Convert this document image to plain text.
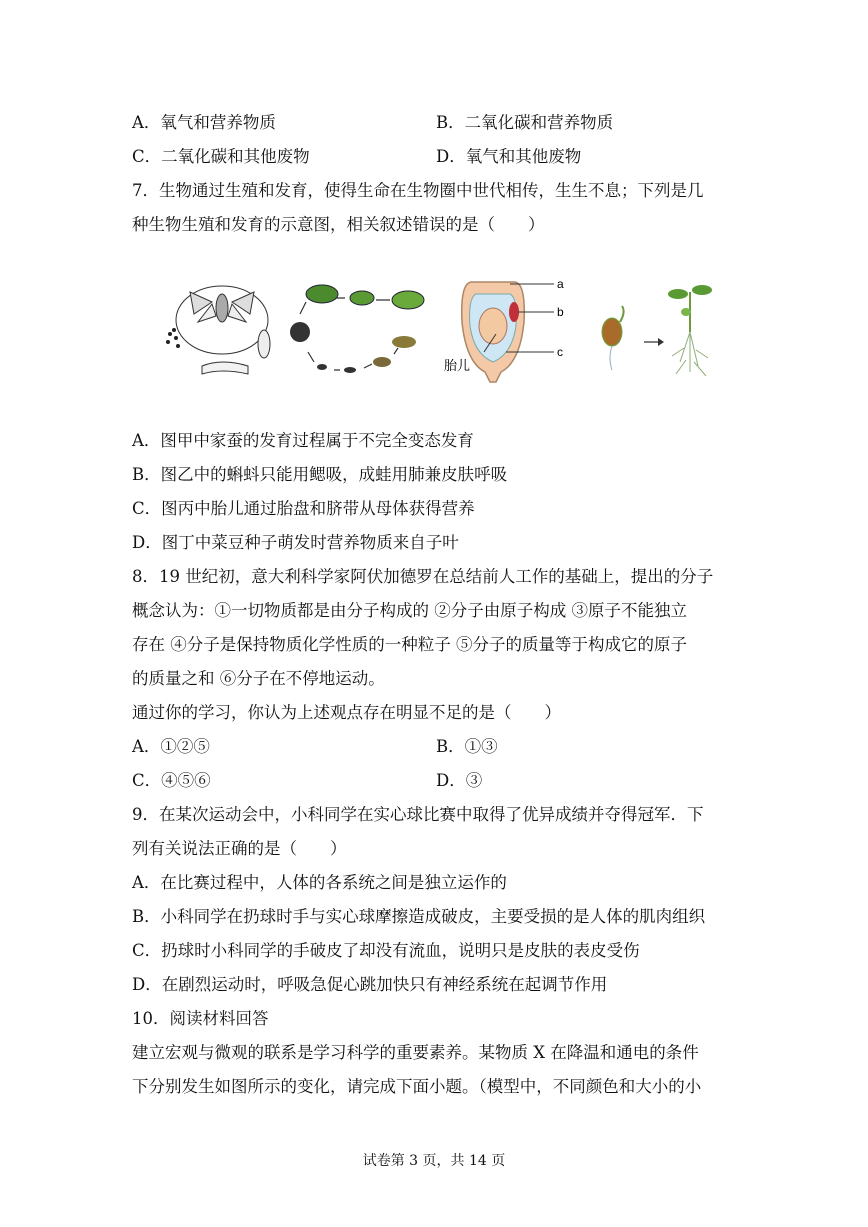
A．氧气和营养物质	B．二氧化碳和营养物质
C．二氧化碳和其他废物	D．氧气和其他废物
7．生物通过生殖和发育，使得生命在生物圈中世代相传，生生不息；下列是几
种生物生殖和发育的示意图，相关叙述错误的是（　　）
a
b
c
胎儿
A．图甲中家蚕的发育过程属于不完全变态发育
B．图乙中的蝌蚪只能用鳃吸，成蛙用肺兼皮肤呼吸
C．图丙中胎儿通过胎盘和脐带从母体获得营养
D．图丁中菜豆种子萌发时营养物质来自子叶
8．19 世纪初，意大利科学家阿伏加德罗在总结前人工作的基础上，提出的分子
概念认为：①一切物质都是由分子构成的 ②分子由原子构成 ③原子不能独立
存在 ④分子是保持物质化学性质的一种粒子 ⑤分子的质量等于构成它的原子
的质量之和 ⑥分子在不停地运动。
通过你的学习，你认为上述观点存在明显不足的是（　　）
A．①②⑤	B．①③
C．④⑤⑥	D．③
9．在某次运动会中，小科同学在实心球比赛中取得了优异成绩并夺得冠军．下
列有关说法正确的是（　　）
A．在比赛过程中，人体的各系统之间是独立运作的
B．小科同学在扔球时手与实心球摩擦造成破皮，主要受损的是人体的肌肉组织
C．扔球时小科同学的手破皮了却没有流血，说明只是皮肤的表皮受伤
D．在剧烈运动时，呼吸急促心跳加快只有神经系统在起调节作用
10．阅读材料回答
建立宏观与微观的联系是学习科学的重要素养。某物质 X 在降温和通电的条件
下分别发生如图所示的变化，请完成下面小题。（模型中，不同颜色和大小的小
试卷第 3 页，共 14 页
